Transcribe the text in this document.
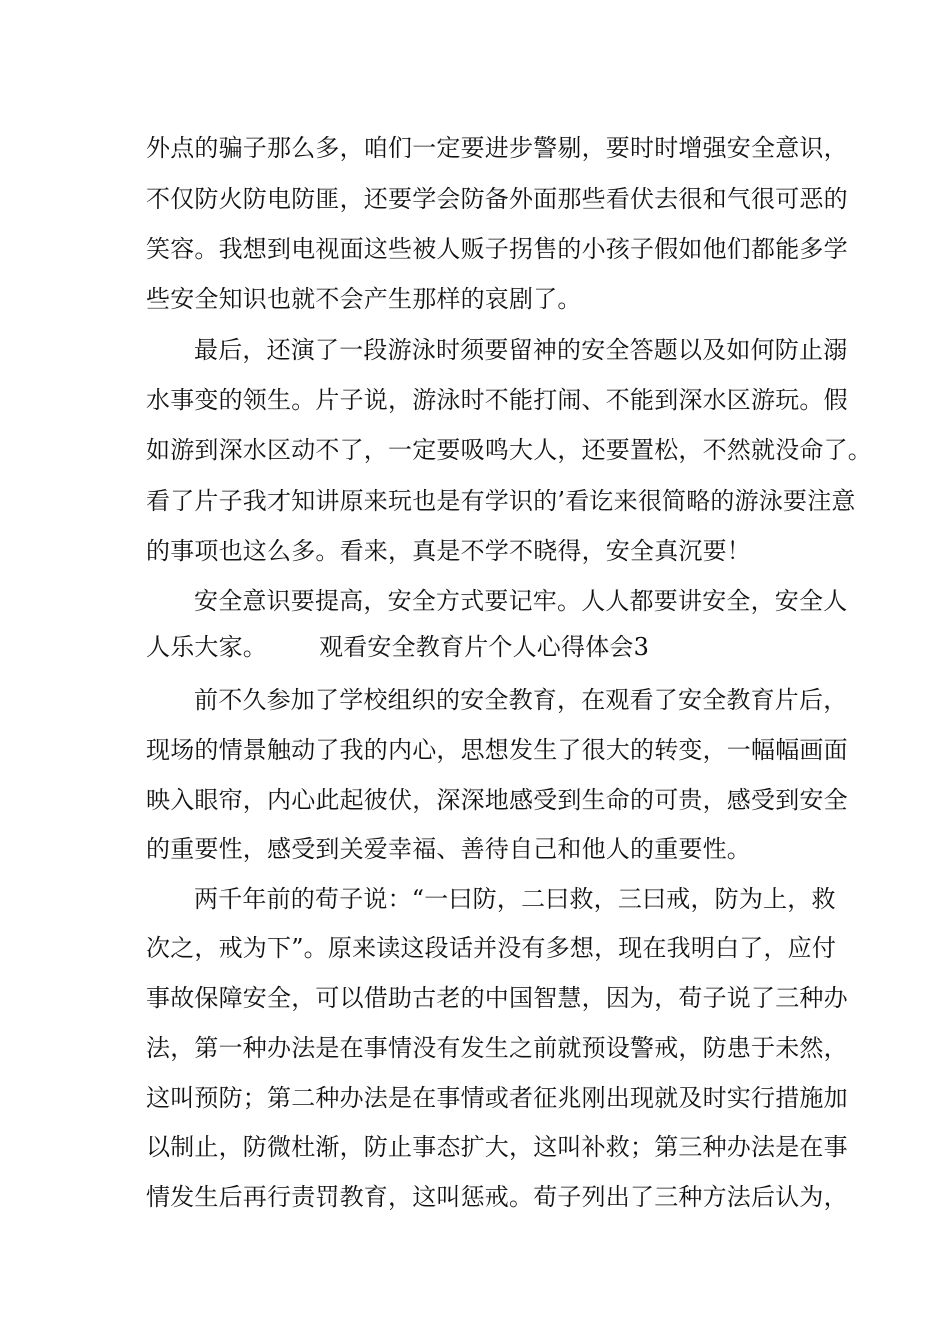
外点的骗子那么多，咱们一定要进步警剔，要时时增强安全意识，
不仅防火防电防匪，还要学会防备外面那些看伏去很和气很可恶的
笑容。我想到电视面这些被人贩子拐售的小孩子假如他们都能多学
些安全知识也就不会产生那样的哀剧了。
最后，还演了一段游泳时须要留神的安全答题以及如何防止溺
水事变的领生。片子说，游泳时不能打闹、不能到深水区游玩。假
如游到深水区动不了，一定要吸鸣大人，还要置松，不然就没命了。
看了片子我才知讲原来玩也是有学识的’看讫来很简略的游泳要注意
的事项也这么多。看来，真是不学不晓得，安全真沉要！
安全意识要提高，安全方式要记牢。人人都要讲安全，安全人
人乐大家。 观看安全教育片个人心得体会3
前不久参加了学校组织的安全教育，在观看了安全教育片后，
现场的情景触动了我的内心，思想发生了很大的转变，一幅幅画面
映入眼帘，内心此起彼伏，深深地感受到生命的可贵，感受到安全
的重要性，感受到关爱幸福、善待自己和他人的重要性。
两千年前的荀子说：“一曰防，二曰救，三曰戒，防为上，救
次之，戒为下”。原来读这段话并没有多想，现在我明白了，应付
事故保障安全，可以借助古老的中国智慧，因为，荀子说了三种办
法，第一种办法是在事情没有发生之前就预设警戒，防患于未然，
这叫预防；第二种办法是在事情或者征兆刚出现就及时实行措施加
以制止，防微杜渐，防止事态扩大，这叫补救；第三种办法是在事
情发生后再行责罚教育，这叫惩戒。荀子列出了三种方法后认为，
